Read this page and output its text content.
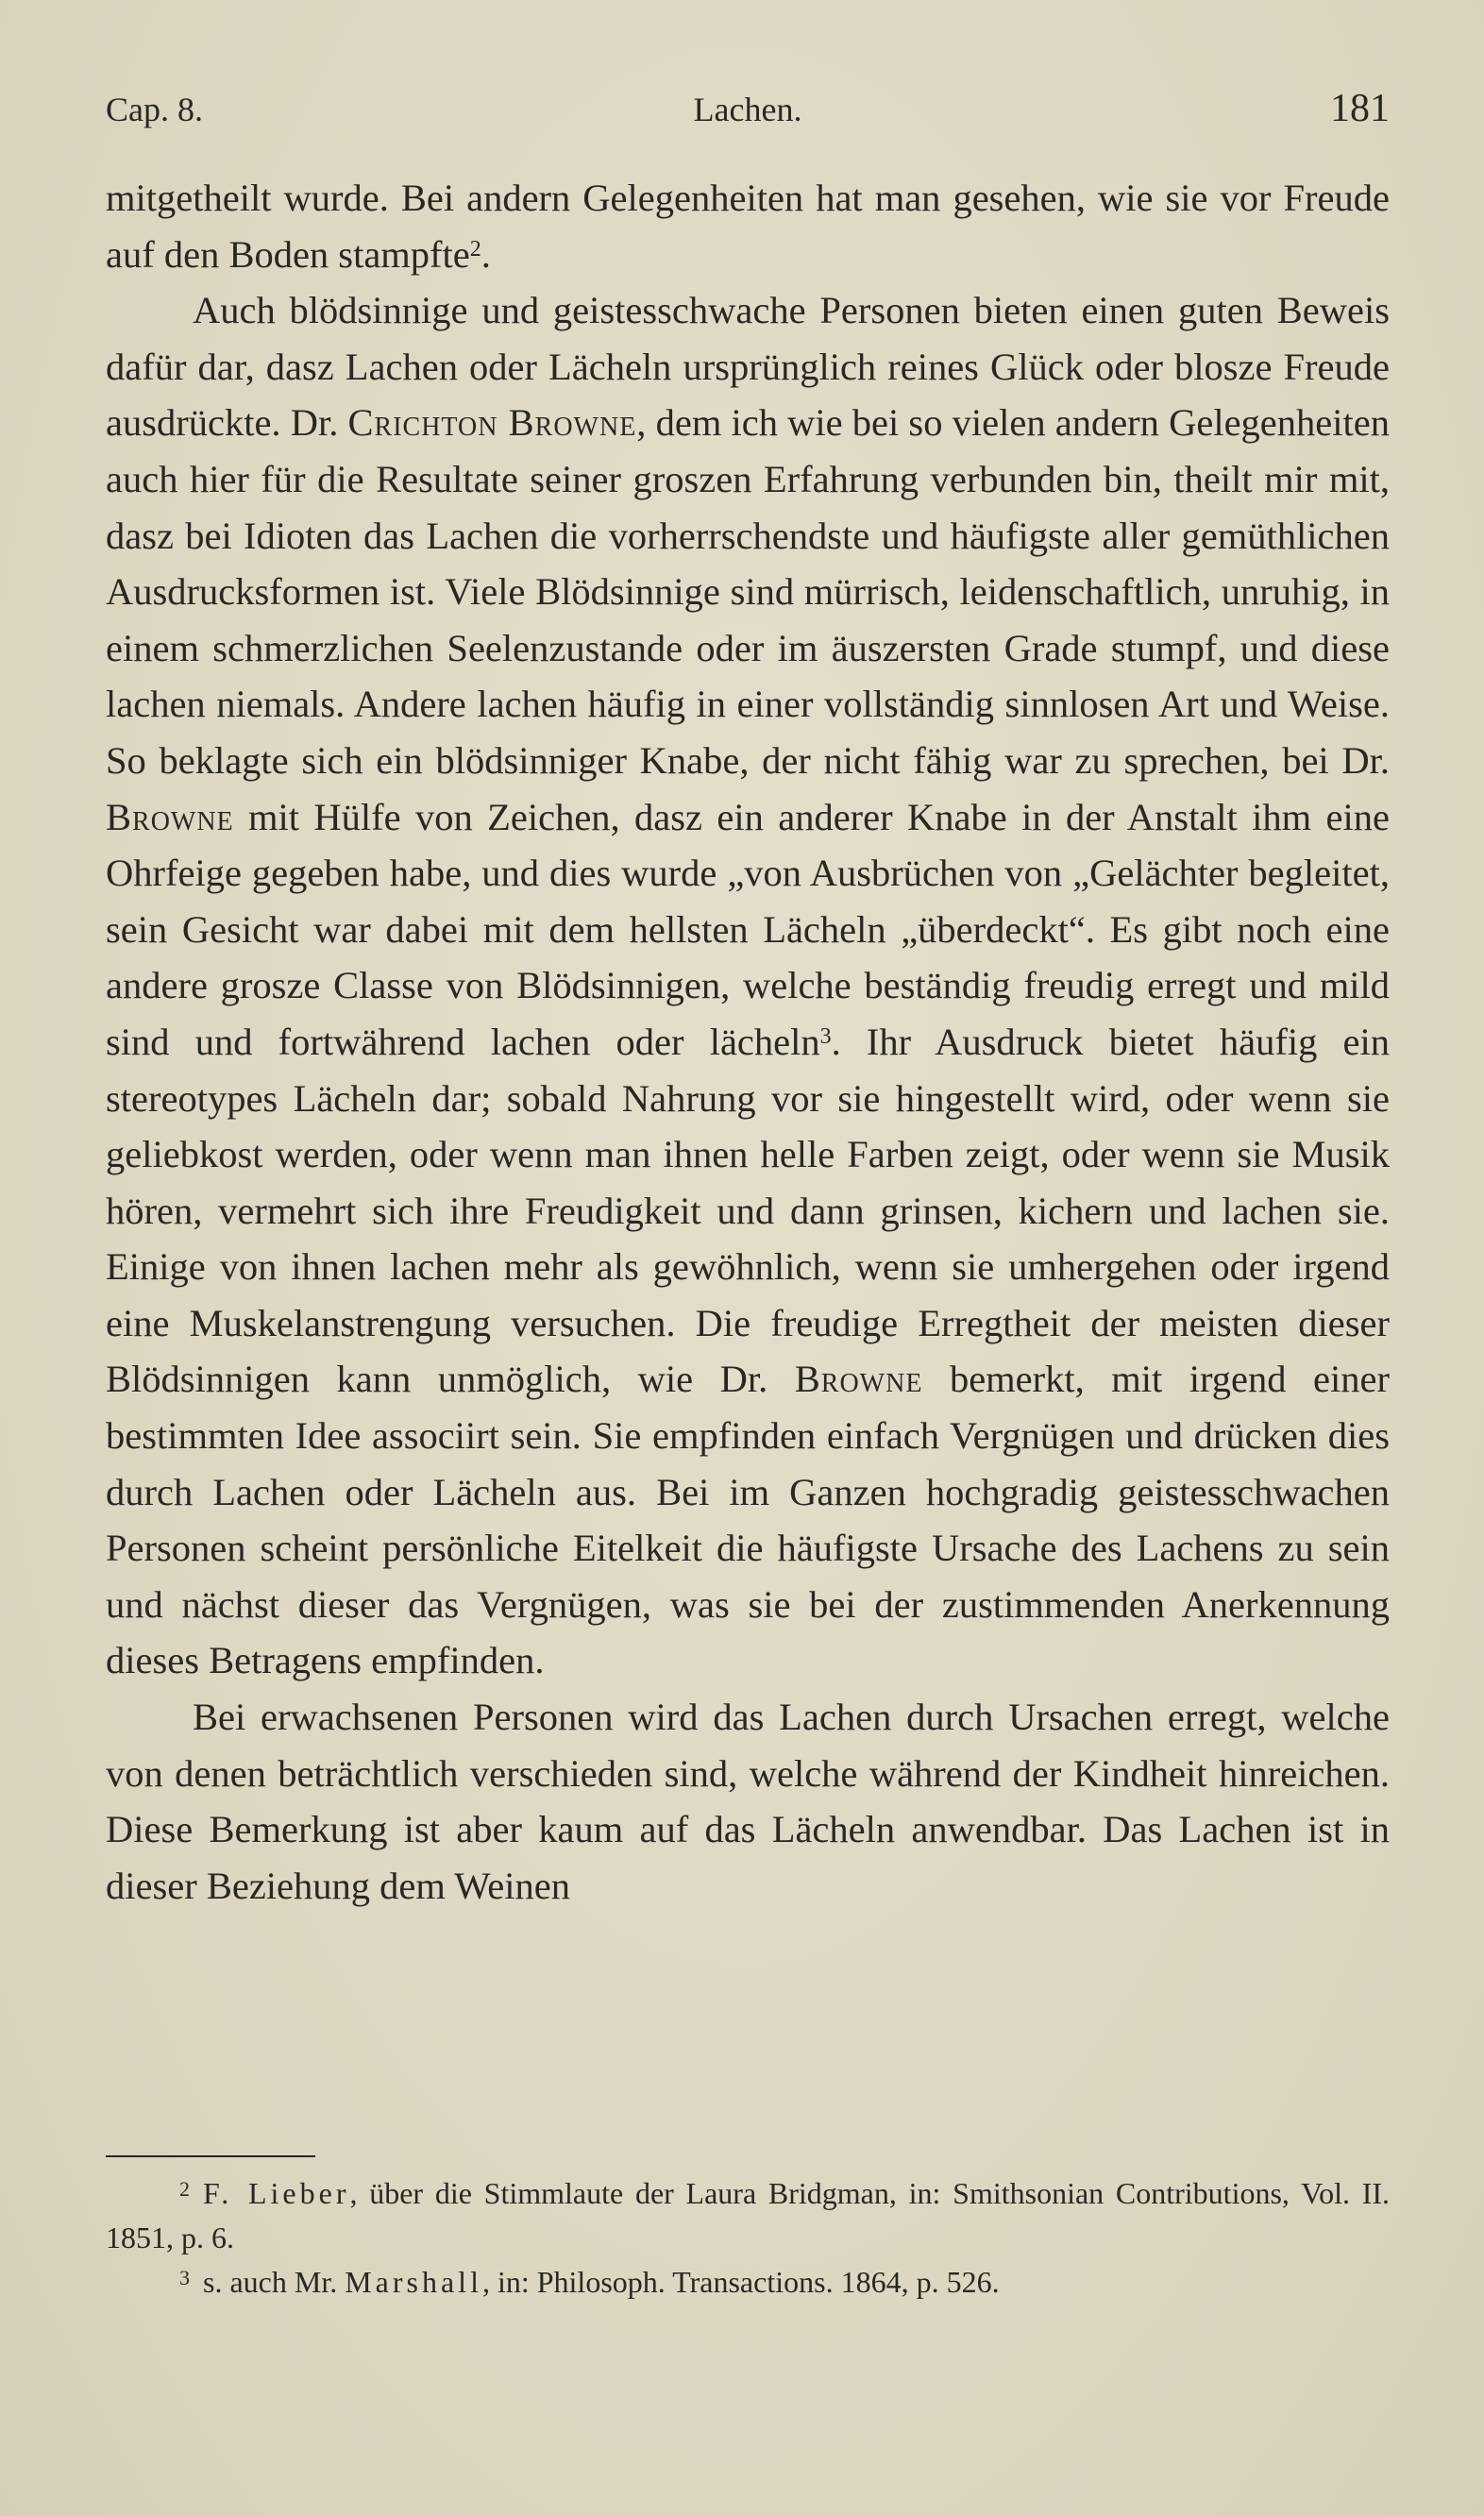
Cap. 8.	Lachen.	181

mitgetheilt wurde. Bei andern Gelegenheiten hat man gesehen, wie sie vor Freude auf den Boden stampfte$^2$.

Auch blödsinnige und geistesschwache Personen bieten einen guten Beweis dafür dar, dasz Lachen oder Lächeln ursprünglich reines Glück oder blosze Freude ausdrückte. Dr. Crichton Browne, dem ich wie bei so vielen andern Gelegenheiten auch hier für die Resultate seiner groszen Erfahrung verbunden bin, theilt mir mit, dasz bei Idioten das Lachen die vorherrschendste und häufigste aller gemüthlichen Ausdrucksformen ist. Viele Blödsinnige sind mürrisch, leidenschaftlich, unruhig, in einem schmerzlichen Seelenzustande oder im äuszersten Grade stumpf, und diese lachen niemals. Andere lachen häufig in einer vollständig sinnlosen Art und Weise. So beklagte sich ein blödsinniger Knabe, der nicht fähig war zu sprechen, bei Dr. Browne mit Hülfe von Zeichen, dasz ein anderer Knabe in der Anstalt ihm eine Ohrfeige gegeben habe, und dies wurde „von Ausbrüchen von „Gelächter begleitet, sein Gesicht war dabei mit dem hellsten Lächeln „überdeckt“. Es gibt noch eine andere grosze Classe von Blödsinnigen, welche beständig freudig erregt und mild sind und fortwährend lachen oder lächeln$^3$. Ihr Ausdruck bietet häufig ein stereotypes Lächeln dar; sobald Nahrung vor sie hingestellt wird, oder wenn sie geliebkost werden, oder wenn man ihnen helle Farben zeigt, oder wenn sie Musik hören, vermehrt sich ihre Freudigkeit und dann grinsen, kichern und lachen sie. Einige von ihnen lachen mehr als gewöhnlich, wenn sie umhergehen oder irgend eine Muskelanstrengung versuchen. Die freudige Erregtheit der meisten dieser Blödsinnigen kann unmöglich, wie Dr. Browne bemerkt, mit irgend einer bestimmten Idee associirt sein. Sie empfinden einfach Vergnügen und drücken dies durch Lachen oder Lächeln aus. Bei im Ganzen hochgradig geistesschwachen Personen scheint persönliche Eitelkeit die häufigste Ursache des Lachens zu sein und nächst dieser das Vergnügen, was sie bei der zustimmenden Anerkennung dieses Betragens empfinden.

Bei erwachsenen Personen wird das Lachen durch Ursachen erregt, welche von denen beträchtlich verschieden sind, welche während der Kindheit hinreichen. Diese Bemerkung ist aber kaum auf das Lächeln anwendbar. Das Lachen ist in dieser Beziehung dem Weinen

$^2$ F. Lieber, über die Stimmlaute der Laura Bridgman, in: Smithsonian Contributions, Vol. II. 1851, p. 6.

$^3$ s. auch Mr. Marshall, in: Philosoph. Transactions. 1864, p. 526.
